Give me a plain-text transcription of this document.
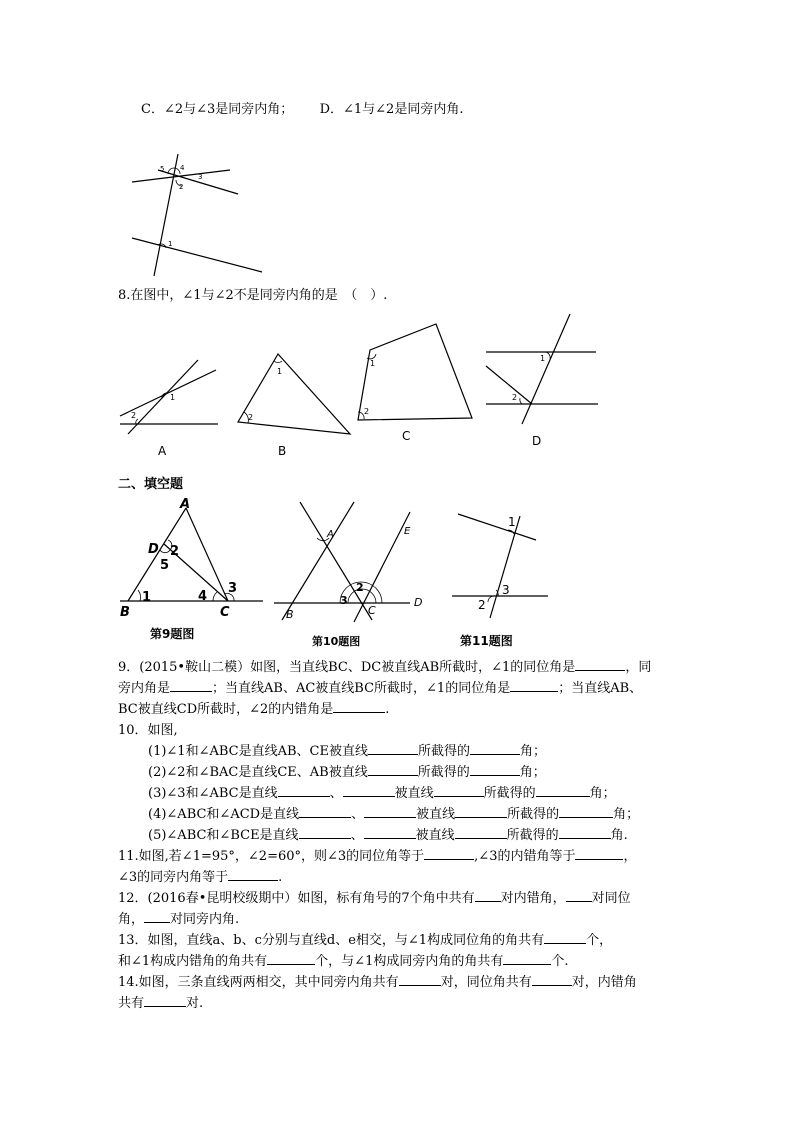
C．∠2与∠3是同旁内角； D．∠1与∠2是同旁内角.
5 4
3
2
1
8.在图中，∠1与∠2不是同旁内角的是　（　）.
1
2
1
2
1
2
1
2
A	B
C	D
二、填空题
A
D 2
5
1	4
3
B	C
第9题图
A	E
2
3
B	C
D
第10题图
1
2
3
第11题图
9．(2015•鞍山二模）如图，当直线BC、DC被直线AB所截时，∠1的同位角是	，同
旁内角是	；当直线AB、AC被直线BC所截时，∠1的同位角是	；当直线AB、
BC被直线CD所截时，∠2的内错角是	.
10．如图,
(1)∠1和∠ABC是直线AB、CE被直线	所截得的	角；
(2)∠2和∠BAC是直线CE、AB被直线	所截得的	角；
(3)∠3和∠ABC是直线	、	被直线	所截得的	角；
(4)∠ABC和∠ACD是直线	、	被直线	所截得的	角；
(5)∠ABC和∠BCE是直线	、	被直线	所截得的	角.
11.如图,若∠1=95°，∠2=60°，则∠3的同位角等于	,∠3的内错角等于	，
∠3的同旁内角等于	.
12．(2016春•昆明校级期中）如图，标有角号的7个角中共有 对内错角， 对同位
角， 对同旁内角.
13．如图，直线a、b、c分别与直线d、e相交，与∠1构成同位角的角共有	个，
和∠1构成内错角的角共有	个，与∠1构成同旁内角的角共有	个.
14.如图，三条直线两两相交，其中同旁内角共有	对，同位角共有	对，内错角
共有	对.
